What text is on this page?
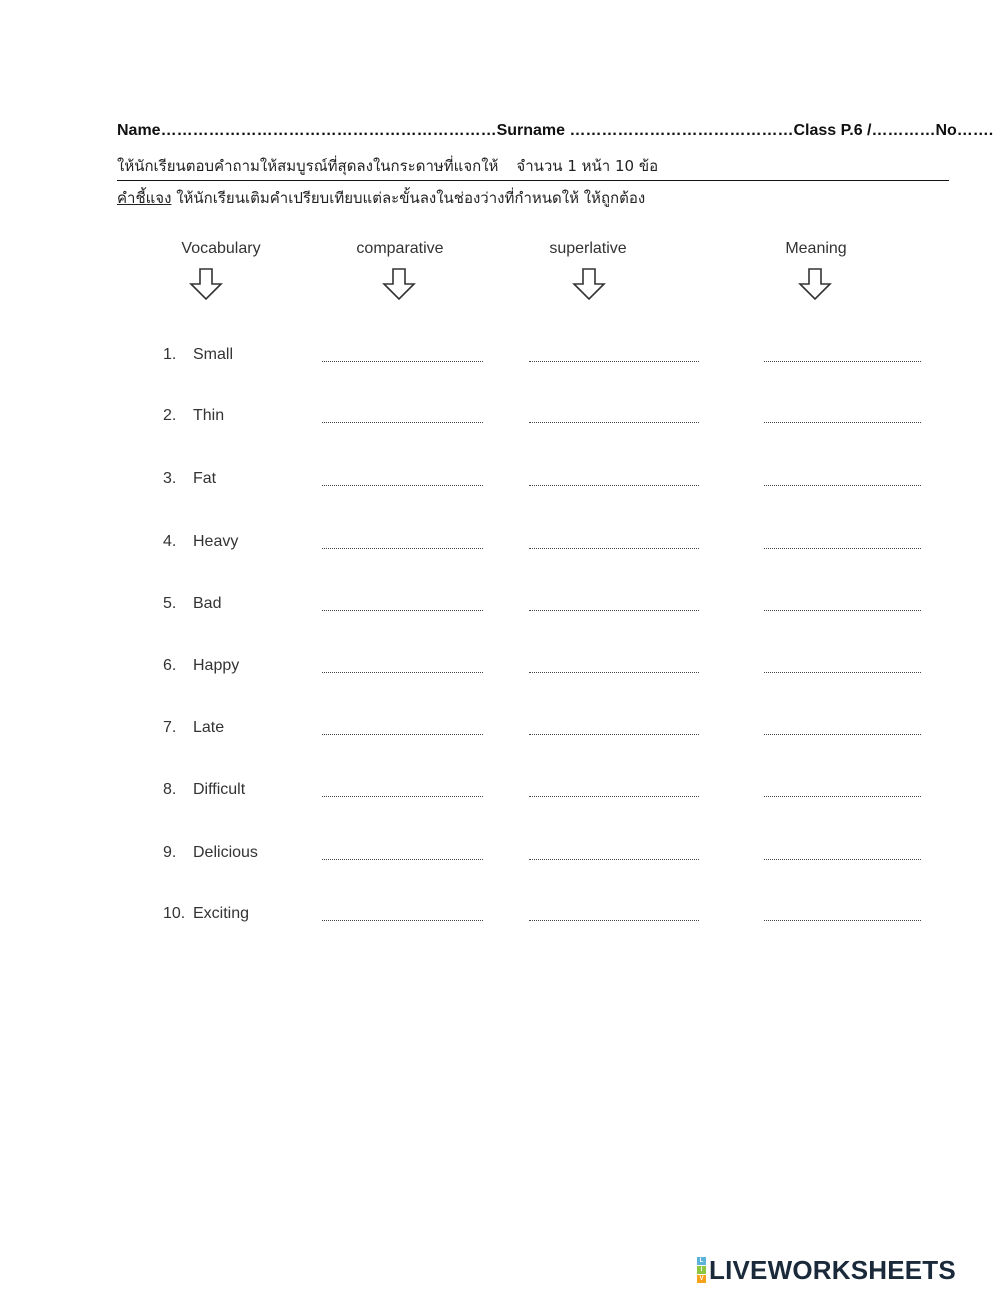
Name………………………………………………………Surname ……………………………………Class P.6 /…………No…….
ให้นักเรียนตอบคำถามให้สมบูรณ์ที่สุดลงในกระดาษที่แจกให้ จำนวน 1 หน้า 10 ข้อ
คำชี้แจง ให้นักเรียนเติมคำเปรียบเทียบแต่ละขั้นลงในช่องว่างที่กำหนดให้ ให้ถูกต้อง
Vocabulary	comparative	superlative	Meaning
1. Small
2. Thin
3. Fat
4. Heavy
5. Bad
6. Happy
7. Late
8. Difficult
9. Delicious
10. Exciting
L
I
V LIVEWORKSHEETS
